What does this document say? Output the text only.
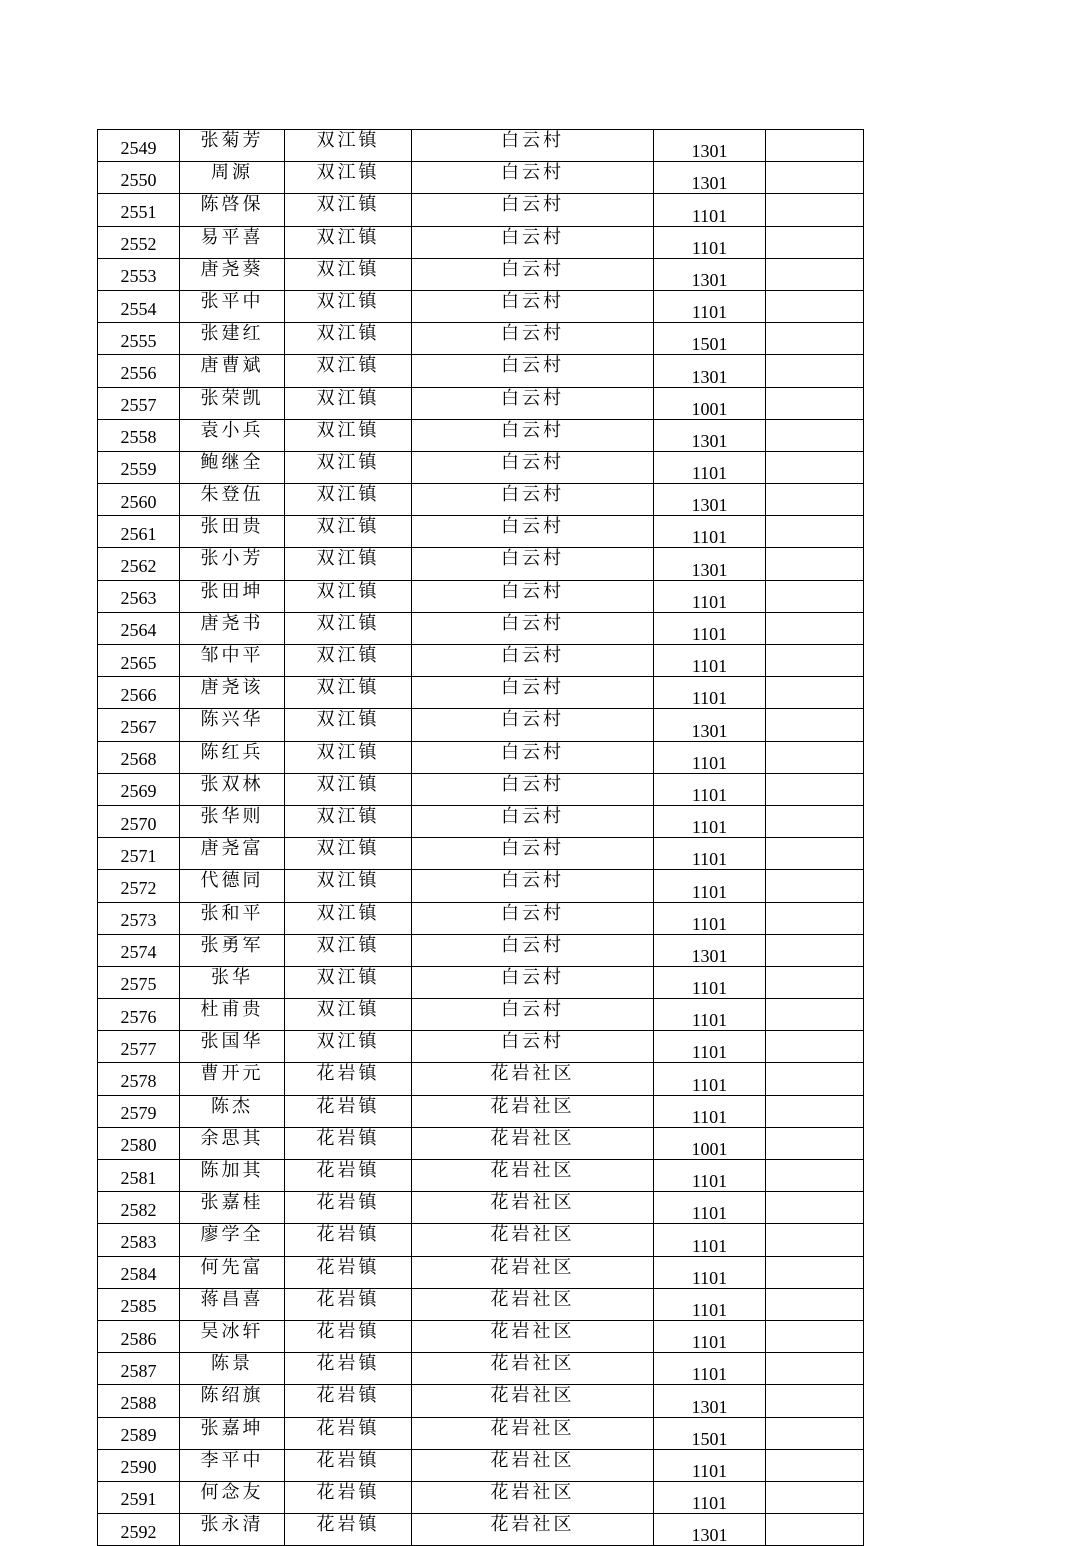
2549	张菊芳	双江镇	白云村	1301	
2550	周源	双江镇	白云村	1301	
2551	陈啓保	双江镇	白云村	1101	
2552	易平喜	双江镇	白云村	1101	
2553	唐尧葵	双江镇	白云村	1301	
2554	张平中	双江镇	白云村	1101	
2555	张建红	双江镇	白云村	1501	
2556	唐曹斌	双江镇	白云村	1301	
2557	张荣凯	双江镇	白云村	1001	
2558	袁小兵	双江镇	白云村	1301	
2559	鲍继全	双江镇	白云村	1101	
2560	朱登伍	双江镇	白云村	1301	
2561	张田贵	双江镇	白云村	1101	
2562	张小芳	双江镇	白云村	1301	
2563	张田坤	双江镇	白云村	1101	
2564	唐尧书	双江镇	白云村	1101	
2565	邹中平	双江镇	白云村	1101	
2566	唐尧该	双江镇	白云村	1101	
2567	陈兴华	双江镇	白云村	1301	
2568	陈红兵	双江镇	白云村	1101	
2569	张双林	双江镇	白云村	1101	
2570	张华则	双江镇	白云村	1101	
2571	唐尧富	双江镇	白云村	1101	
2572	代德同	双江镇	白云村	1101	
2573	张和平	双江镇	白云村	1101	
2574	张勇军	双江镇	白云村	1301	
2575	张华	双江镇	白云村	1101	
2576	杜甫贵	双江镇	白云村	1101	
2577	张国华	双江镇	白云村	1101	
2578	曹开元	花岩镇	花岩社区	1101	
2579	陈杰	花岩镇	花岩社区	1101	
2580	余思其	花岩镇	花岩社区	1001	
2581	陈加其	花岩镇	花岩社区	1101	
2582	张嘉桂	花岩镇	花岩社区	1101	
2583	廖学全	花岩镇	花岩社区	1101	
2584	何先富	花岩镇	花岩社区	1101	
2585	蒋昌喜	花岩镇	花岩社区	1101	
2586	吴冰轩	花岩镇	花岩社区	1101	
2587	陈景	花岩镇	花岩社区	1101	
2588	陈绍旗	花岩镇	花岩社区	1301	
2589	张嘉坤	花岩镇	花岩社区	1501	
2590	李平中	花岩镇	花岩社区	1101	
2591	何念友	花岩镇	花岩社区	1101	
2592	张永清	花岩镇	花岩社区	1301	
